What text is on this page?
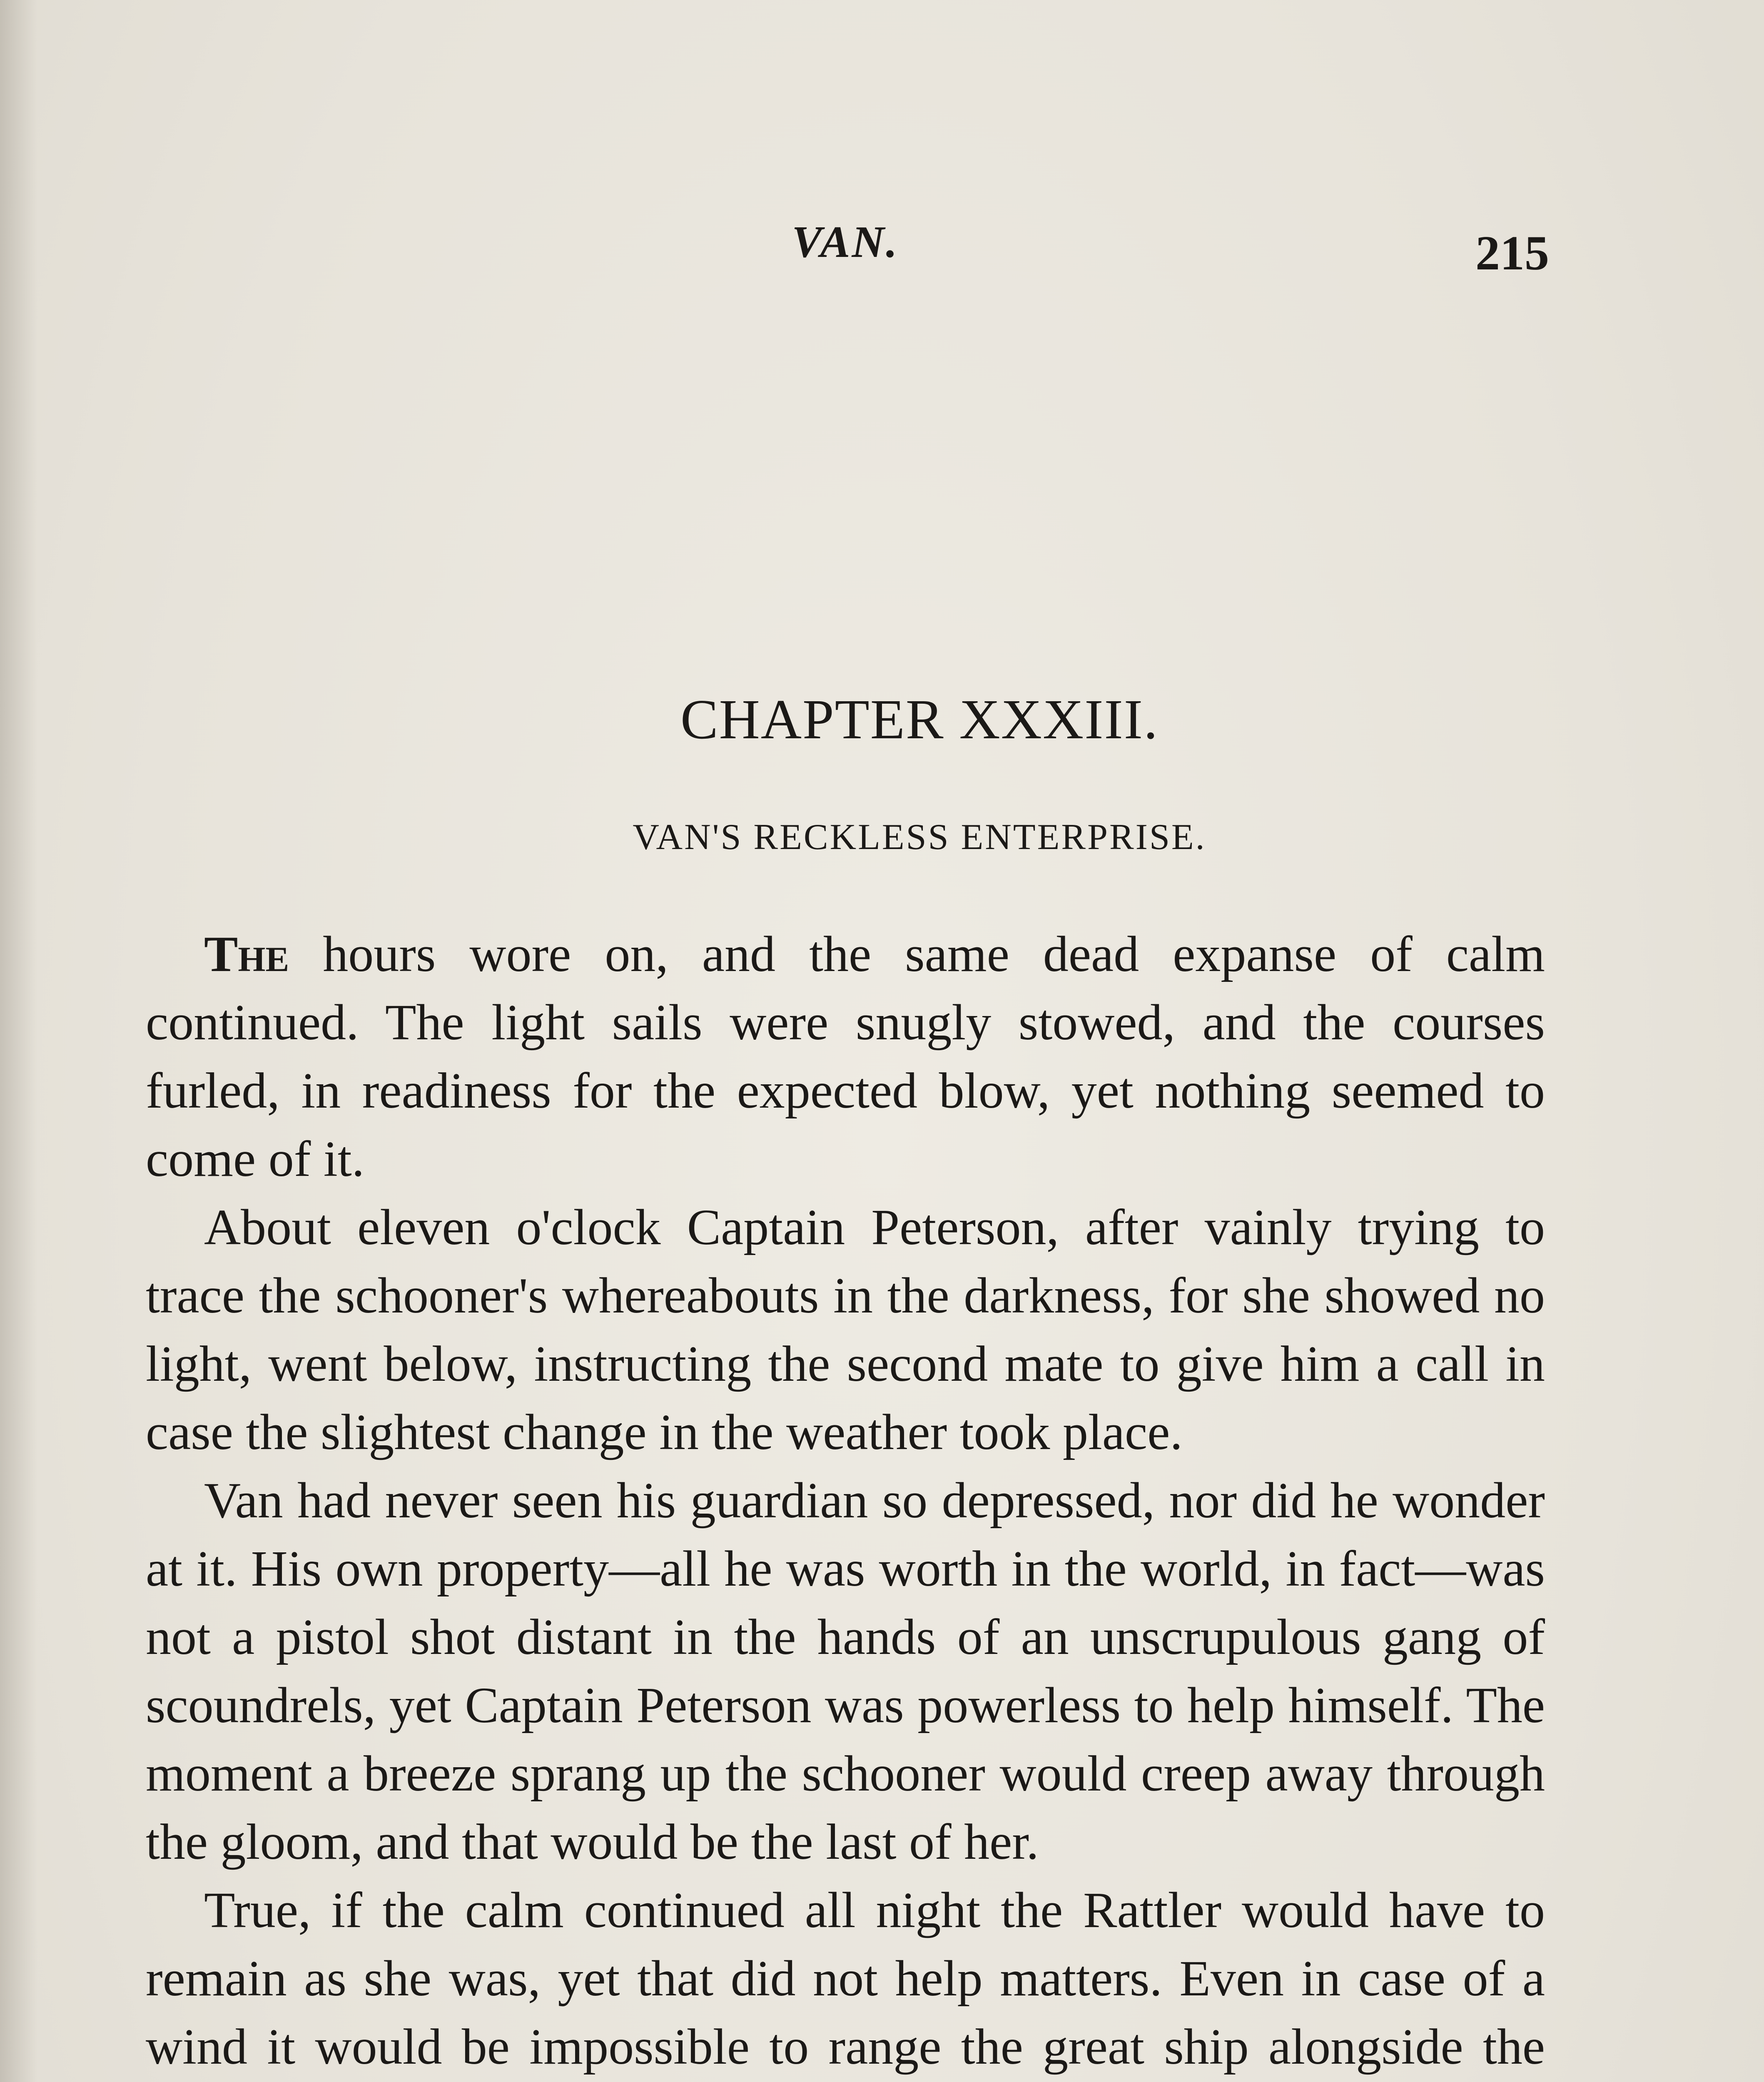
VAN.	215
CHAPTER XXXIII.
VAN'S RECKLESS ENTERPRISE.

The hours wore on, and the same dead expanse of calm continued. The light sails were snugly stowed, and the courses furled, in readiness for the expected blow, yet nothing seemed to come of it.

About eleven o'clock Captain Peterson, after vainly trying to trace the schooner's whereabouts in the darkness, for she showed no light, went below, instructing the second mate to give him a call in case the slightest change in the weather took place.

Van had never seen his guardian so depressed, nor did he wonder at it. His own property—all he was worth in the world, in fact—was not a pistol shot distant in the hands of an unscrupulous gang of scoundrels, yet Captain Peterson was powerless to help himself. The moment a breeze sprang up the schooner would creep away through the gloom, and that would be the last of her.

True, if the calm continued all night the Rattler would have to remain as she was, yet that did not help matters. Even in case of a wind it would be impossible to range the great ship alongside the
